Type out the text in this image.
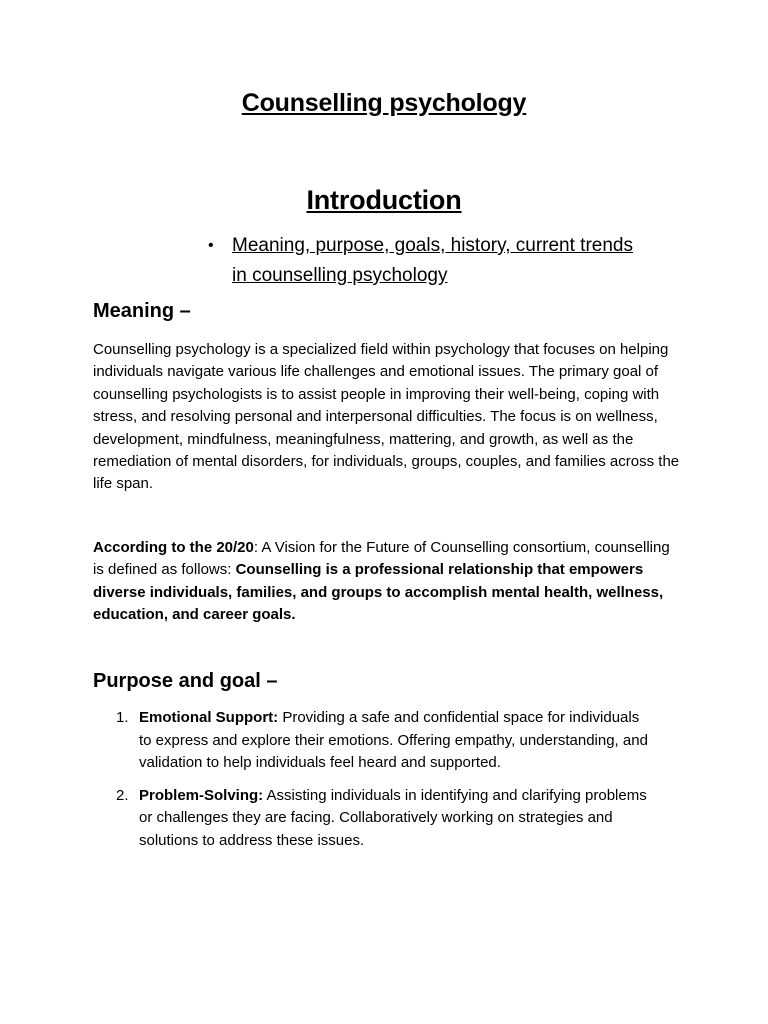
Counselling psychology
Introduction
• Meaning, purpose, goals, history, current trends in counselling psychology
Meaning –

Counselling psychology is a specialized field within psychology that focuses on helping individuals navigate various life challenges and emotional issues. The primary goal of counselling psychologists is to assist people in improving their well-being, coping with stress, and resolving personal and interpersonal difficulties. The focus is on wellness, development, mindfulness, meaningfulness, mattering, and growth, as well as the remediation of mental disorders, for individuals, groups, couples, and families across the life span.

According to the 20/20: A Vision for the Future of Counselling consortium, counselling is defined as follows: Counselling is a professional relationship that empowers diverse individuals, families, and groups to accomplish mental health, wellness, education, and career goals.

Purpose and goal –
1. Emotional Support: Providing a safe and confidential space for individuals to express and explore their emotions. Offering empathy, understanding, and validation to help individuals feel heard and supported.
2. Problem-Solving: Assisting individuals in identifying and clarifying problems or challenges they are facing. Collaboratively working on strategies and solutions to address these issues.
